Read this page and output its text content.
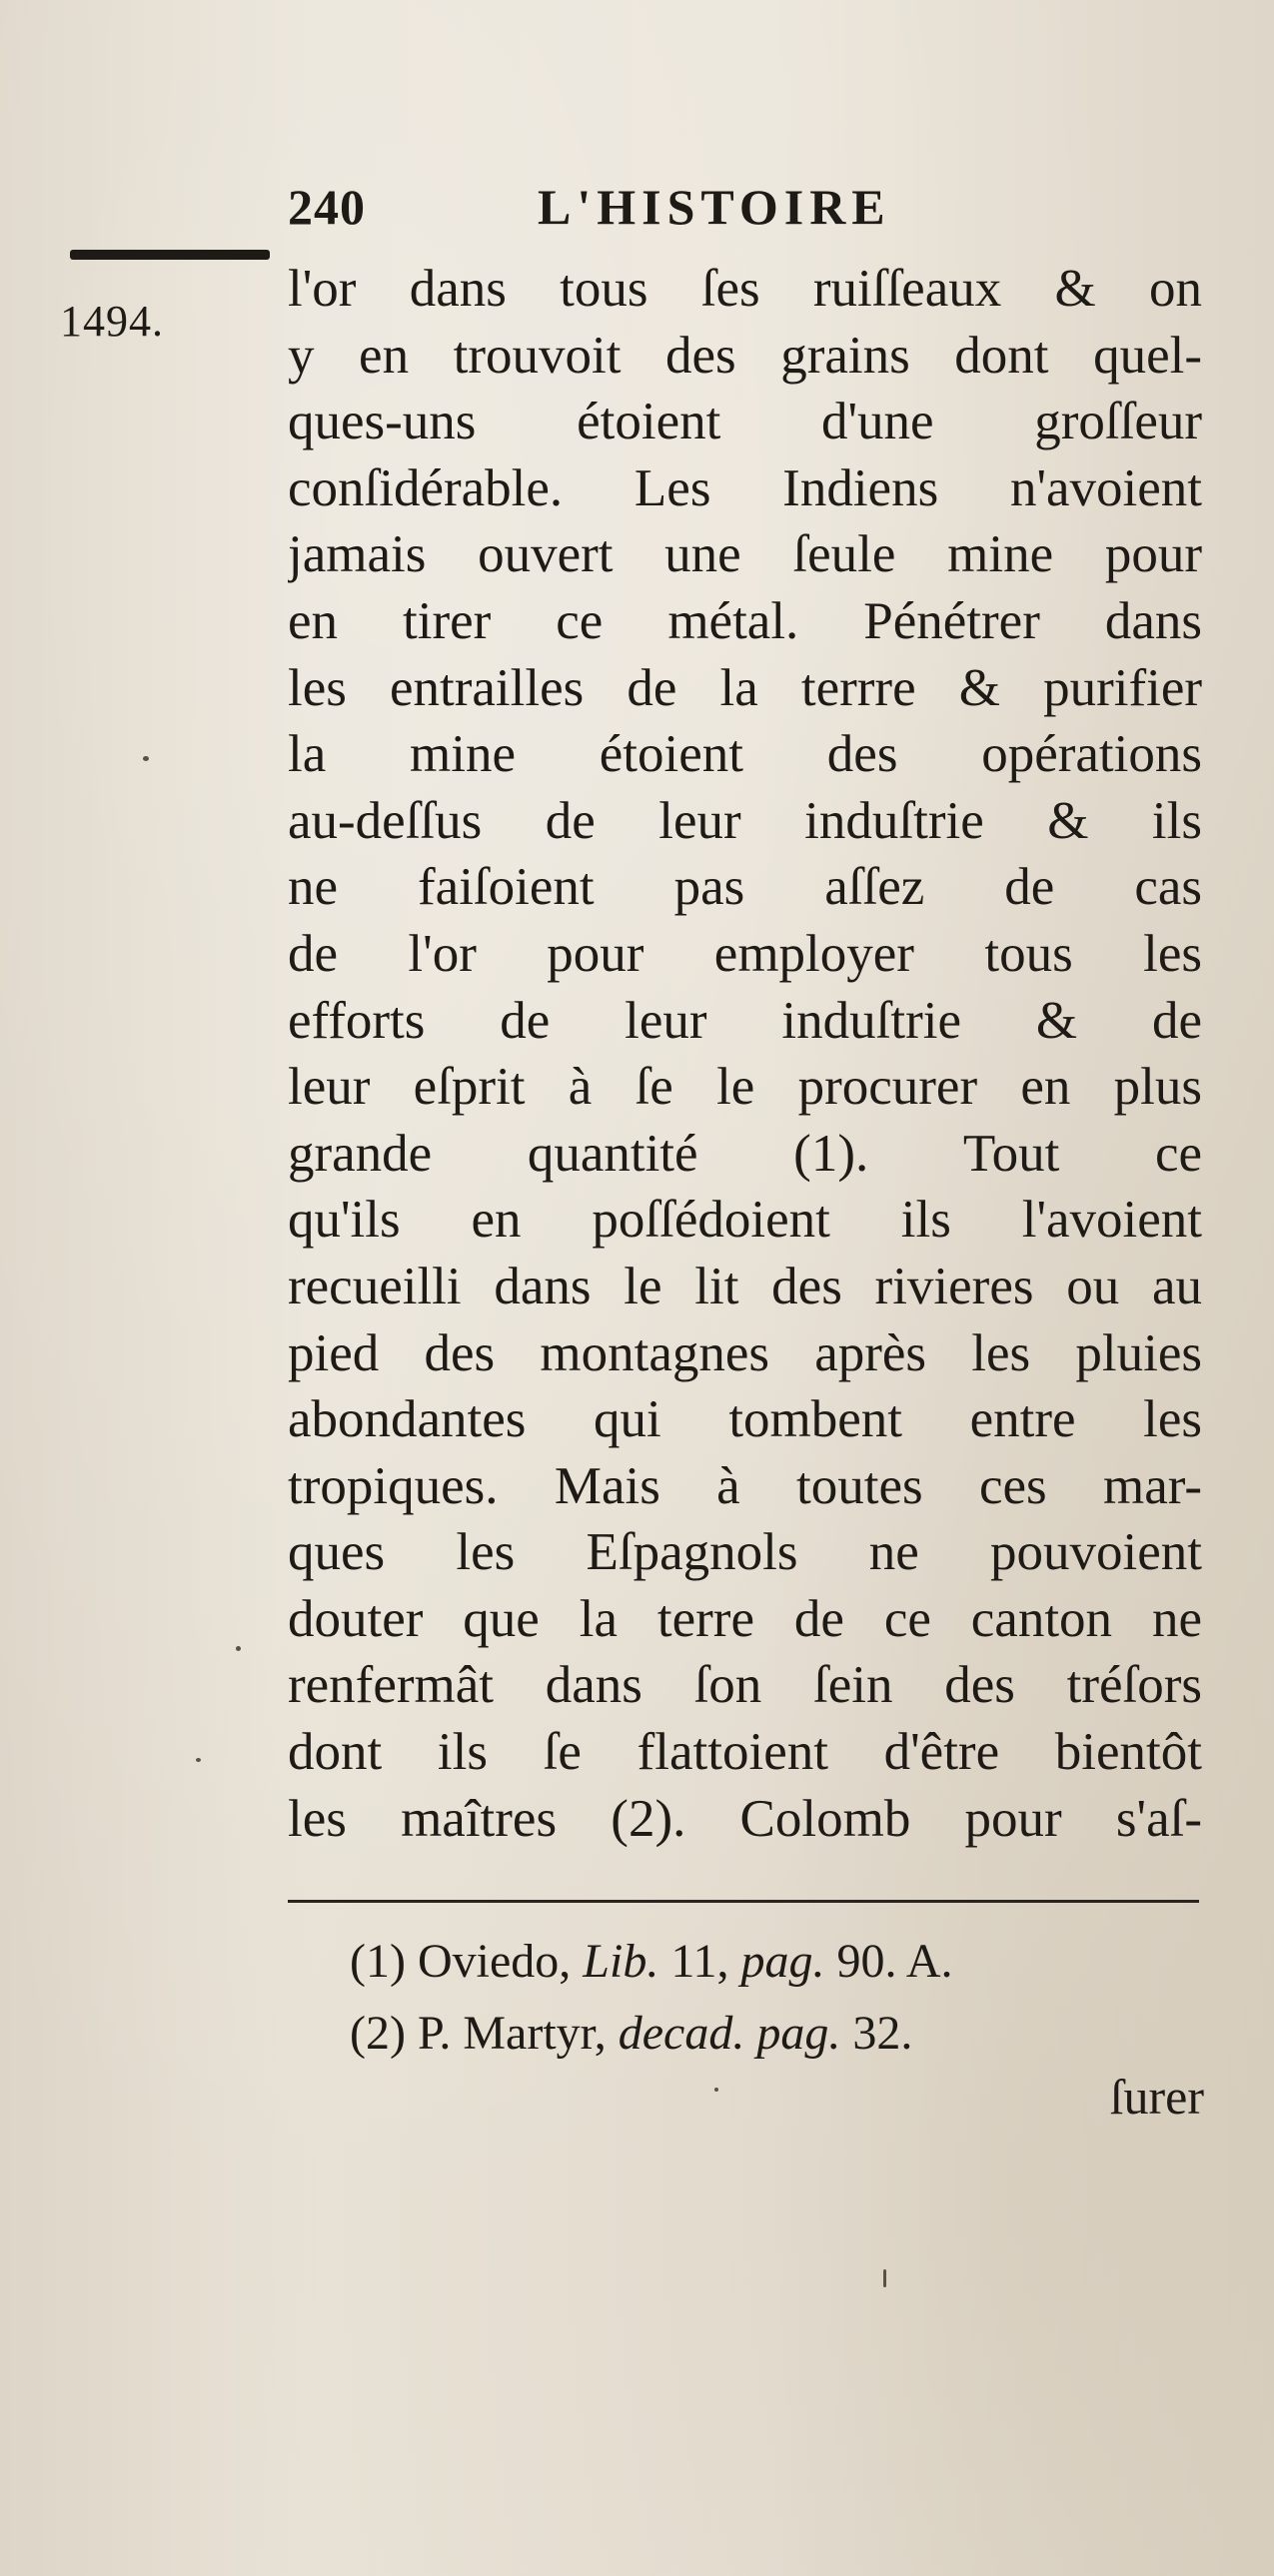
240	L'HISTOIRE
1494.
l'or dans tous ſes ruiſſeaux & on
y en trouvoit des grains dont quel-
ques-uns étoient d'une groſſeur
conſidérable. Les Indiens n'avoient
jamais ouvert une ſeule mine pour
en tirer ce métal. Pénétrer dans
les entrailles de la terrre & purifier
la mine étoient des opérations
au-deſſus de leur induſtrie & ils
ne faiſoient pas aſſez de cas
de l'or pour employer tous les
efforts de leur induſtrie & de
leur eſprit à ſe le procurer en plus
grande quantité (1). Tout ce
qu'ils en poſſédoient ils l'avoient
recueilli dans le lit des rivieres ou au
pied des montagnes après les pluies
abondantes qui tombent entre les
tropiques. Mais à toutes ces mar-
ques les Eſpagnols ne pouvoient
douter que la terre de ce canton ne
renfermât dans ſon ſein des tréſors
dont ils ſe flattoient d'être bientôt
les maîtres (2). Colomb pour s'aſ-
(1) Oviedo, Lib. 11, pag. 90. A.
(2) P. Martyr, decad. pag. 32.
ſurer
